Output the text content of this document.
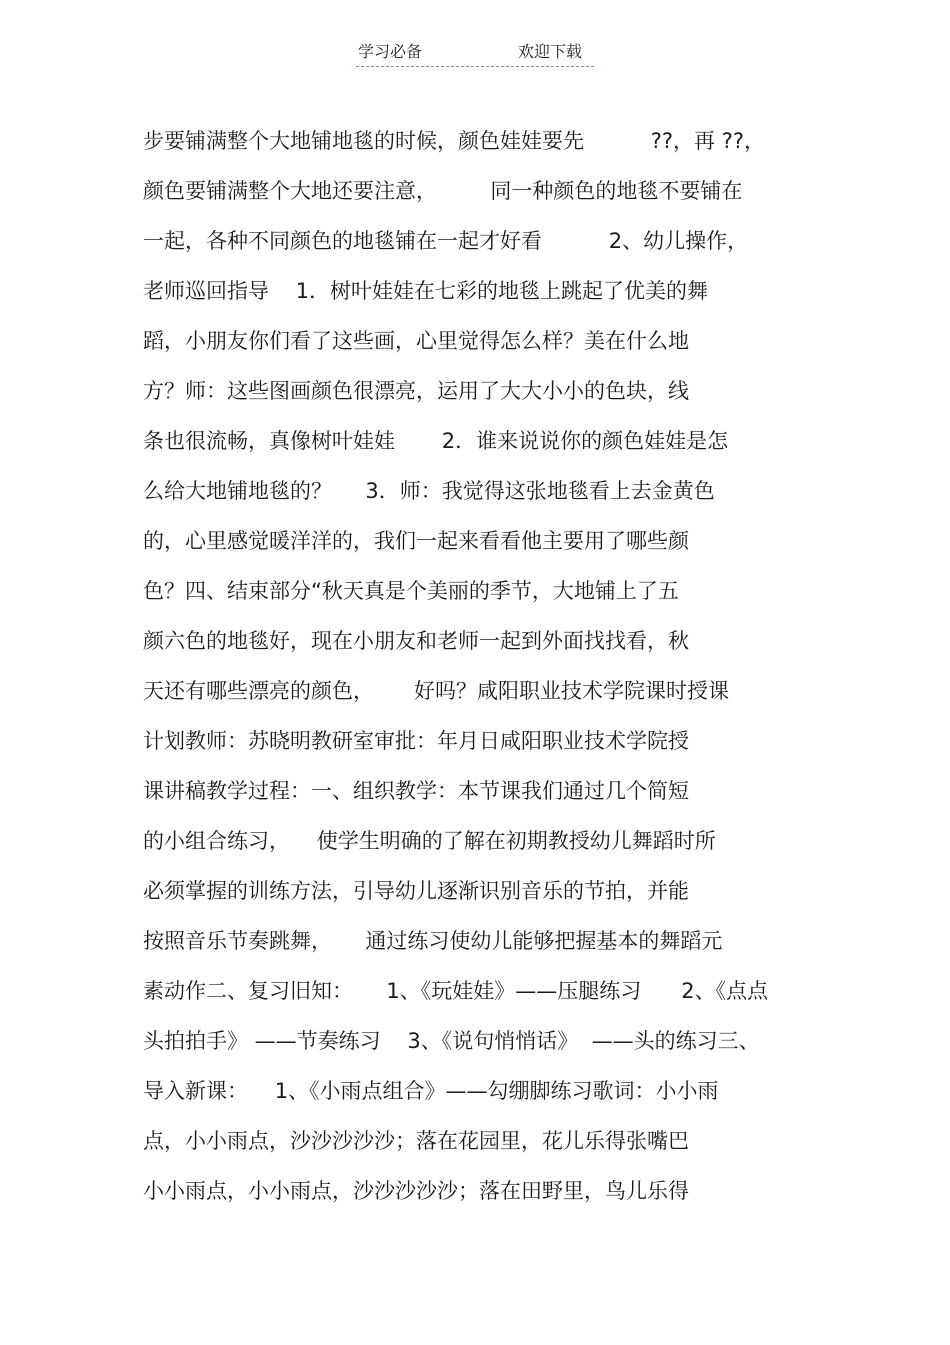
学习必备	欢迎下载
步要铺满整个大地铺地毯的时候，颜色娃娃要先          ??，再 ??，
颜色要铺满整个大地还要注意，        同一种颜色的地毯不要铺在
一起，各种不同颜色的地毯铺在一起才好看          2、幼儿操作，
老师巡回指导    1．树叶娃娃在七彩的地毯上跳起了优美的舞
蹈，小朋友你们看了这些画，心里觉得怎么样？美在什么地
方？师：这些图画颜色很漂亮，运用了大大小小的色块，线
条也很流畅，真像树叶娃娃       2．谁来说说你的颜色娃娃是怎
么给大地铺地毯的？     3．师：我觉得这张地毯看上去金黄色
的，心里感觉暖洋洋的，我们一起来看看他主要用了哪些颜
色？四、结束部分“秋天真是个美丽的季节，大地铺上了五
颜六色的地毯好，现在小朋友和老师一起到外面找找看，秋
天还有哪些漂亮的颜色，      好吗？咸阳职业技术学院课时授课
计划教师：苏晓明教研室审批：年月日咸阳职业技术学院授
课讲稿教学过程：一、组织教学：本节课我们通过几个简短
的小组合练习，    使学生明确的了解在初期教授幼儿舞蹈时所
必须掌握的训练方法，引导幼儿逐渐识别音乐的节拍，并能
按照音乐节奏跳舞，     通过练习使幼儿能够把握基本的舞蹈元
素动作二、复习旧知：     1、《玩娃娃》——压腿练习      2、《点点
头拍拍手》 ——节奏练习    3、《说句悄悄话》  ——头的练习三、
导入新课：    1、《小雨点组合》——勾绷脚练习歌词：小小雨
点，小小雨点，沙沙沙沙沙；落在花园里，花儿乐得张嘴巴
小小雨点，小小雨点，沙沙沙沙沙；落在田野里，鸟儿乐得
